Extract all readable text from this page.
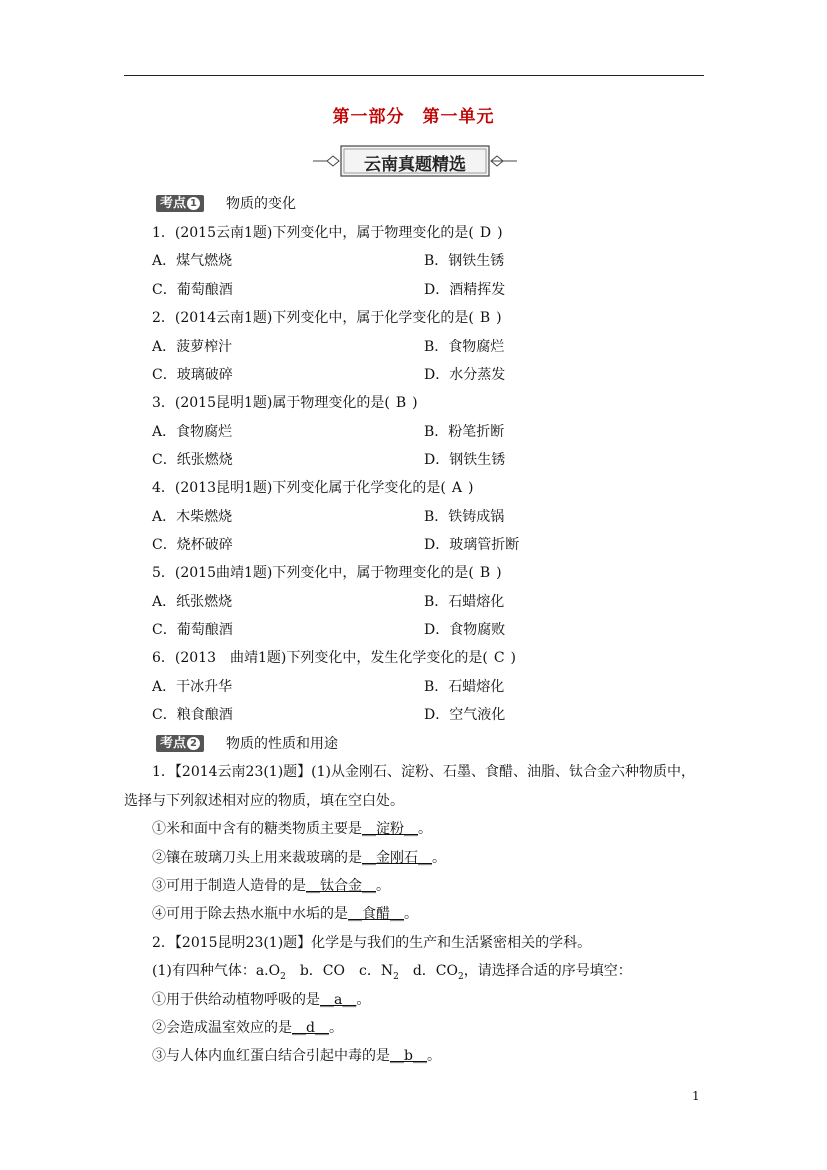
第一部分　第一单元
云南真题精选
考点 1	物质的变化
1．(2015云南1题)下列变化中，属于物理变化的是( D )
A．煤气燃烧	B．钢铁生锈
C．葡萄酿酒	D．酒精挥发
2．(2014云南1题)下列变化中，属于化学变化的是( B )
A．菠萝榨汁	B．食物腐烂
C．玻璃破碎	D．水分蒸发
3．(2015昆明1题)属于物理变化的是( B )
A．食物腐烂	B．粉笔折断
C．纸张燃烧	D．钢铁生锈
4．(2013昆明1题)下列变化属于化学变化的是( A )
A．木柴燃烧	B．铁铸成锅
C．烧杯破碎	D．玻璃管折断
5．(2015曲靖1题)下列变化中，属于物理变化的是( B )
A．纸张燃烧	B．石蜡熔化
C．葡萄酿酒	D．食物腐败
6．(2013　曲靖1题)下列变化中，发生化学变化的是( C )
A．干冰升华	B．石蜡熔化
C．粮食酿酒	D．空气液化
考点 2	物质的性质和用途
1．【2014云南23(1)题】(1)从金刚石、淀粉、石墨、食醋、油脂、钛合金六种物质中，
选择与下列叙述相对应的物质，填在空白处。
①米和面中含有的糖类物质主要是__淀粉__。
②镶在玻璃刀头上用来裁玻璃的是__金刚石__。
③可用于制造人造骨的是__钛合金__。
④可用于除去热水瓶中水垢的是__食醋__。
2．【2015昆明23(1)题】化学是与我们的生产和生活紧密相关的学科。
(1)有四种气体：$a.O_2$　b．CO　c．$N_2$　d．$CO_2$，请选择合适的序号填空：
①用于供给动植物呼吸的是__a__。
②会造成温室效应的是__d__。
③与人体内血红蛋白结合引起中毒的是__b__。
1
